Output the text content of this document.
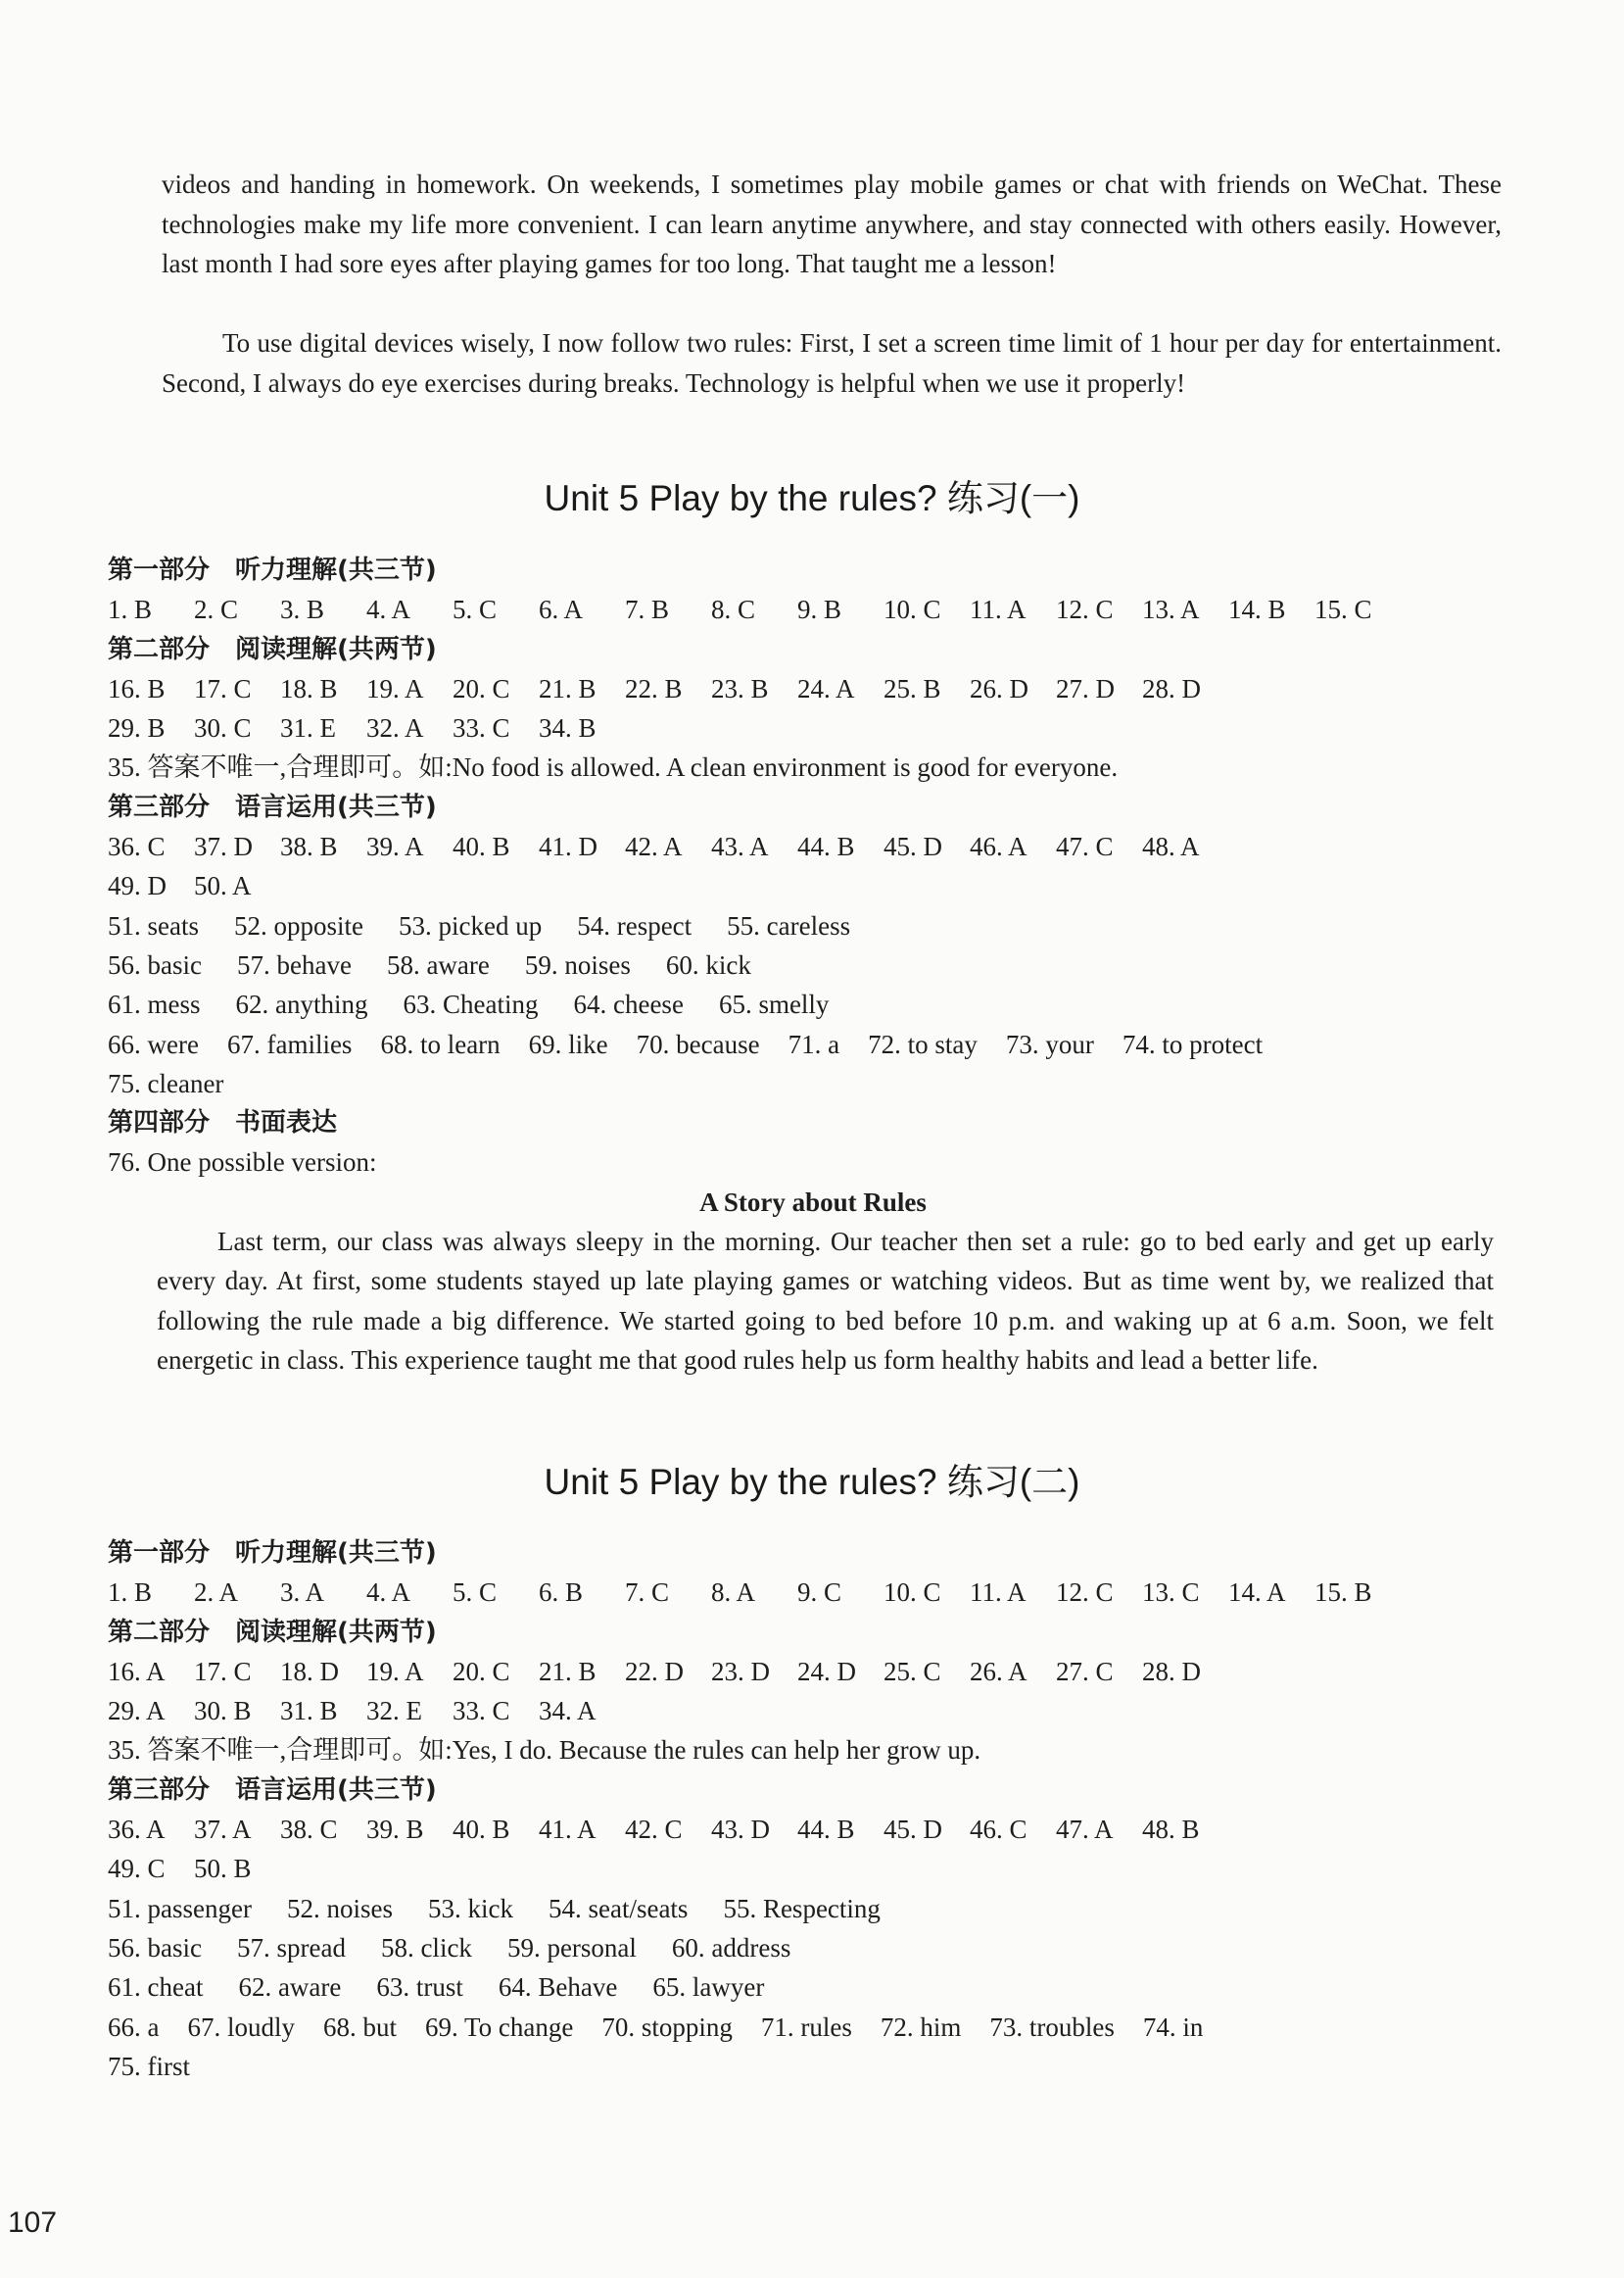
videos and handing in homework. On weekends, I sometimes play mobile games or chat with friends on WeChat. These technologies make my life more convenient. I can learn anytime anywhere, and stay connected with others easily. However, last month I had sore eyes after playing games for too long. That taught me a lesson!

To use digital devices wisely, I now follow two rules: First, I set a screen time limit of 1 hour per day for entertainment. Second, I always do eye exercises during breaks. Technology is helpful when we use it properly!

Unit 5 Play by the rules? 练习(一)
第一部分　听力理解(共三节)
1. B	2. C	3. B	4. A	5. C	6. A	7. B	8. C	9. B	10. C	11. A	12. C	13. A	14. B	15. C
第二部分　阅读理解(共两节)
16. B	17. C	18. B	19. A	20. C	21. B	22. B	23. B	24. A	25. B	26. D	27. D	28. D
29. B	30. C	31. E	32. A	33. C	34. B
35. 答案不唯一,合理即可。如:No food is allowed. A clean environment is good for everyone.
第三部分　语言运用(共三节)
36. C	37. D	38. B	39. A	40. B	41. D	42. A	43. A	44. B	45. D	46. A	47. C	48. A
49. D	50. A
51. seats 52. opposite 53. picked up 54. respect 55. careless
56. basic 57. behave 58. aware 59. noises 60. kick
61. mess 62. anything 63. Cheating 64. cheese 65. smelly
66. were 67. families 68. to learn 69. like 70. because 71. a 72. to stay 73. your 74. to protect
75. cleaner
第四部分　书面表达
76. One possible version:
A Story about Rules

Last term, our class was always sleepy in the morning. Our teacher then set a rule: go to bed early and get up early every day. At first, some students stayed up late playing games or watching videos. But as time went by, we realized that following the rule made a big difference. We started going to bed before 10 p.m. and waking up at 6 a.m. Soon, we felt energetic in class. This experience taught me that good rules help us form healthy habits and lead a better life.

Unit 5 Play by the rules? 练习(二)
第一部分　听力理解(共三节)
1. B	2. A	3. A	4. A	5. C	6. B	7. C	8. A	9. C	10. C	11. A	12. C	13. C	14. A	15. B
第二部分　阅读理解(共两节)
16. A	17. C	18. D	19. A	20. C	21. B	22. D	23. D	24. D	25. C	26. A	27. C	28. D
29. A	30. B	31. B	32. E	33. C	34. A
35. 答案不唯一,合理即可。如:Yes, I do. Because the rules can help her grow up.
第三部分　语言运用(共三节)
36. A	37. A	38. C	39. B	40. B	41. A	42. C	43. D	44. B	45. D	46. C	47. A	48. B
49. C	50. B
51. passenger 52. noises 53. kick 54. seat/seats 55. Respecting
56. basic 57. spread 58. click 59. personal 60. address
61. cheat 62. aware 63. trust 64. Behave 65. lawyer
66. a 67. loudly 68. but 69. To change 70. stopping 71. rules 72. him 73. troubles 74. in
75. first
107
